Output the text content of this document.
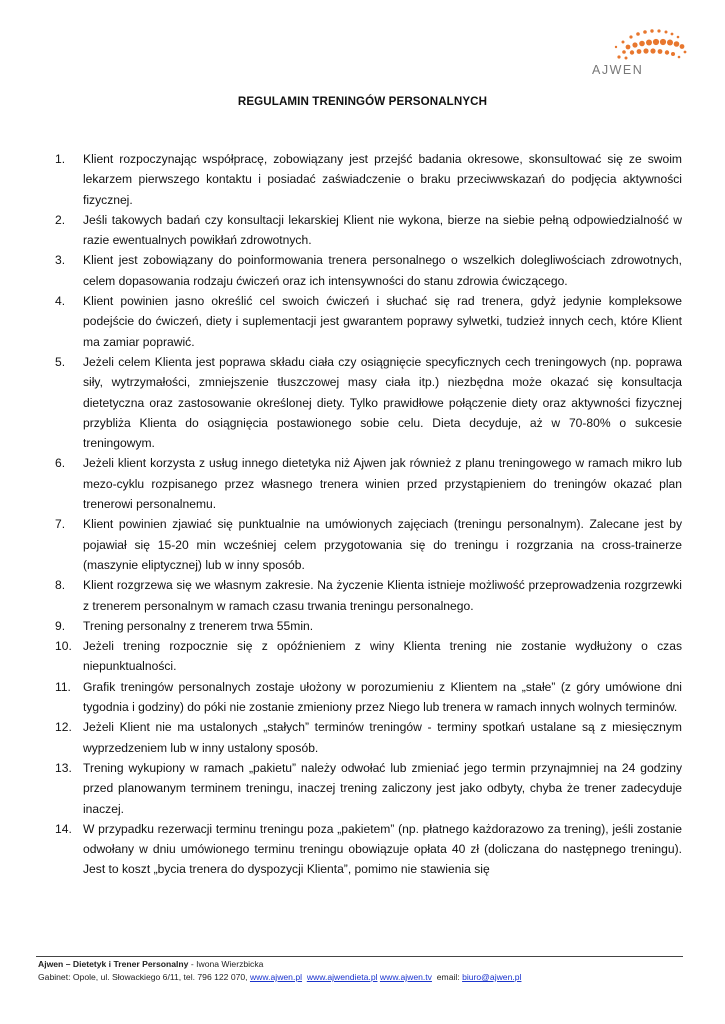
AJWEN
REGULAMIN TRENINGÓW PERSONALNYCH
1.	Klient rozpoczynając współpracę, zobowiązany jest przejść badania okresowe, skonsultować się ze swoim lekarzem pierwszego kontaktu i posiadać zaświadczenie o braku przeciwwskazań do podjęcia aktywności fizycznej.
2.	Jeśli takowych badań czy konsultacji lekarskiej Klient nie wykona, bierze na siebie pełną odpowiedzialność w razie ewentualnych powikłań zdrowotnych.
3.	Klient jest zobowiązany do poinformowania trenera personalnego o wszelkich dolegliwościach zdrowotnych, celem dopasowania rodzaju ćwiczeń oraz ich intensywności do stanu zdrowia ćwiczącego.
4.	Klient powinien jasno określić cel swoich ćwiczeń i słuchać się rad trenera, gdyż jedynie kompleksowe podejście do ćwiczeń, diety i suplementacji jest gwarantem poprawy sylwetki, tudzież innych cech, które Klient ma zamiar poprawić.
5.	Jeżeli celem Klienta jest poprawa składu ciała czy osiągnięcie specyficznych cech treningowych (np. poprawa siły, wytrzymałości, zmniejszenie tłuszczowej masy ciała itp.) niezbędna może okazać się konsultacja dietetyczna oraz zastosowanie określonej diety. Tylko prawidłowe połączenie diety oraz aktywności fizycznej przybliża Klienta do osiągnięcia postawionego sobie celu. Dieta decyduje, aż w 70-80% o sukcesie treningowym.
6.	Jeżeli klient korzysta z usług innego dietetyka niż Ajwen jak również z planu treningowego w ramach mikro lub mezo-cyklu rozpisanego przez własnego trenera winien przed przystąpieniem do treningów okazać plan trenerowi personalnemu.
7.	Klient powinien zjawiać się punktualnie na umówionych zajęciach (treningu personalnym). Zalecane jest by pojawiał się 15-20 min wcześniej celem przygotowania się do treningu i rozgrzania na cross-trainerze (maszynie eliptycznej) lub w inny sposób.
8.	Klient rozgrzewa się we własnym zakresie. Na życzenie Klienta istnieje możliwość przeprowadzenia rozgrzewki z trenerem personalnym w ramach czasu trwania treningu personalnego.
9.	Trening personalny z trenerem trwa 55min.
10. Jeżeli trening rozpocznie się z opóźnieniem z winy Klienta trening nie zostanie wydłużony o czas niepunktualności.
11. Grafik treningów personalnych zostaje ułożony w porozumieniu z Klientem na „stałe” (z góry umówione dni tygodnia i godziny) do póki nie zostanie zmieniony przez Niego lub trenera w ramach innych wolnych terminów.
12. Jeżeli Klient nie ma ustalonych „stałych” terminów treningów - terminy spotkań ustalane są z miesięcznym wyprzedzeniem lub w inny ustalony sposób.
13. Trening wykupiony w ramach „pakietu” należy odwołać lub zmieniać jego termin przynajmniej na 24 godziny przed planowanym terminem treningu, inaczej trening zaliczony jest jako odbyty, chyba że trener zadecyduje inaczej.
14. W przypadku rezerwacji terminu treningu poza „pakietem” (np. płatnego każdorazowo za trening), jeśli zostanie odwołany w dniu umówionego terminu treningu obowiązuje opłata 40 zł (doliczana do następnego treningu). Jest to koszt „bycia trenera do dyspozycji Klienta”, pomimo nie stawienia się
Ajwen – Dietetyk i Trener Personalny - Iwona Wierzbicka
Gabinet: Opole, ul. Słowackiego 6/11, tel. 796 122 070, www.ajwen.pl www.ajwendieta.pl www.ajwen.tv email: biuro@ajwen.pl
